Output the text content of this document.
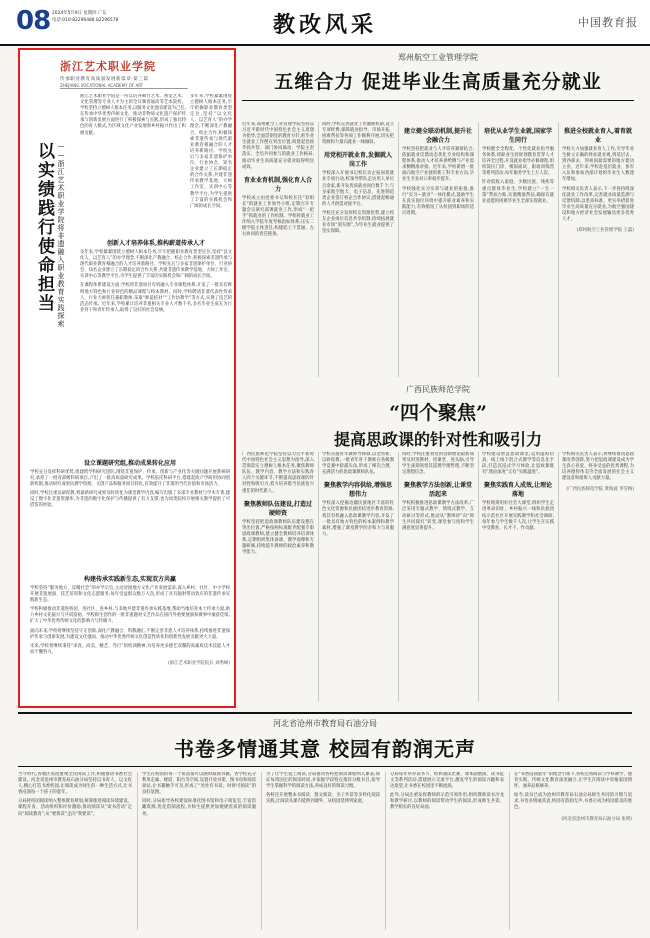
08 2024年5月9日 星期四 广东
电话:010-82296488 82296578	教改风采	中国教育报
浙江艺术职业学院
传承职业教育高质量发展新篇章·第三篇
ZHEJIANG VOCATIONAL ACADEMY OF ART
以实绩践行使命担当 ——浙江艺术职业学院将非遗融入职业教育实践探索
浙江艺术职业学院是一所以培养舞台艺术、视觉艺术、文化管理等专业人才为主的全日制普通高等艺术院校。学校坚持立德树人根本任务,以服务文化强省建设为己任,在传承中华优秀传统文化、推动非物质文化遗产保护传承与创新发展方面进行了积极探索与实践,形成了独具特色的育人模式,为区域文化产业发展和乡村振兴作出了积极贡献。
多年来,学校紧紧围绕立德树人根本任务,牢牢把握职业教育类型定位,坚持“以文化人、以艺育人”的办学理念,不断深化产教融合、校企合作,积极探索非遗传承与现代职业教育相融合的人才培养新路径。学校先后与多家非遗保护单位、行业协会、知名企业建立了长期稳定的合作关系,共建非遗传承教学基地、大师工作室、实训中心等教学平台,为学生提供了丰富的实践机会和广阔的成长空间。
创新人才培养体系,推构薪道传承人才
多年来,学校紧紧围绕立德树人根本任务,牢牢把握职业教育类型定位,坚持“以文化人、以艺育人”的办学理念,不断深化产教融合、校企合作,积极探索非遗传承与现代职业教育相融合的人才培养新路径。学校先后与多家非遗保护单位、行业协会、知名企业建立了长期稳定的合作关系,共建非遗传承教学基地、大师工作室、实训中心等教学平台,为学生提供了丰富的实践机会和广阔的成长空间。
在课程体系建设方面,学校将非遗项目有机融入专业课程体系,开发了一批具有鲜明地方特色和行业特色的精品课程与校本教材。同时,学校聘请非遗代表性传承人、行业大师担任兼职教师,采取“师徒结对”“工作坊教学”等方式,实现了技艺的活态传承。近年来,学校累计培养非遗相关专业人才数千名,多名毕业生成长为行业骨干和青年传承人,取得了良好的社会反响。
设立课题研究组,推动成果转化应用
学校充分发挥科研优势,组建跨学科研究团队,围绕非遗保护、传承、创新与产业化等关键问题开展系统研究,承担了一批省部级科研项目,产出了一批高质量研究成果。学校依托科研平台,搭建起政产学研用协同创新机制,推动研究成果向教学资源、文创产品和服务项目转化,有效提升了非遗的当代价值和市场活力。
同时,学校注重以研促教,将最新研究成果及时转化为课堂教学内容,编写出版了多部专业教材与学术专著,建设了数字化非遗资源库,为非遗的数字化保护与传播提供了有力支撑,也为同类院校开展相关教学提供了可借鉴的经验。
构建传承实践新生态,实现双方共赢
学校坚持“服务地方、反哺社会”的办学宗旨,主动对接地方文化产业发展需求,深入乡村、社区、中小学校开展非遗展演、技艺培训和文化志愿服务,每年受益群众数万人次,形成了具有辐射带动效应的非遗传承实践新生态。
学校积极推动非遗进校园、进社区、进乡村,与多地共建非遗传承实践基地,帮助当地培育本土传承力量,助力乡村文化振兴与共同富裕。学校师生创作的一批非遗题材文艺作品在国内外重要展演和赛事中屡获佳绩,扩大了中华优秀传统文化的影响力与传播力。
面向未来,学校将继续坚持守正创新,深化产教融合、科教融汇,不断完善非遗人才培养体系,持续推进非遗保护传承与创新发展,为建设文化强国、推动中华优秀传统文化创造性转化和创新性发展贡献更大力量。
未来,学校将继续秉持“求真、尚美、精艺、笃行”的校训精神,为培养更多德艺双馨的高素质技术技能人才而不懈努力。
(浙江艺术职业学院院长 刘秀峰)
郑州航空工业管理学院
五维合力 促进毕业生高质量充分就业
近年来,郑州航空工业管理学院坚持以习近平新时代中国特色社会主义思想为指导,全面贯彻党的教育方针,把毕业生就业工作摆在突出位置,构建起党政齐抓共管、部门协同联动、学院主责落实、全员共同参与的就业工作格局,推动毕业生高质量充分就业取得明显成效。
育业业育机制,强化育人合力
学校成立由党委书记和校长任“双组长”的就业工作领导小组,定期召开专题会议研究部署就业工作,形成“一把手”抓就业的工作机制。学校将就业工作纳入学院年度考核指标体系,压实二级学院主体责任,构建起上下贯通、左右协同的责任链条。
同时,学校完善就业工作激励机制,设立专项经费,保障就业指导、市场开拓、困难帮扶等各项工作顺利开展,切实把资源和力量向就业一线倾斜。
用党相开就业育,发掘就人岗工作
学校深入开展书记校长访企拓岗促就业专项行动,校领导带队走访用人单位百余家,新开发优质就业岗位数千个,与多家航空航天、电子信息、先进制造类企业签订校企合作协议,搭建起畅通的人才供需对接平台。
学校还充分发挥校友资源优势,建立校友企业岗位信息共享机制,持续拓展就业市场“朋友圈”,为毕业生就业提供了坚实保障。
建立健全联动机制,提升社会融合力
学校坚持把就业与人才培养紧密结合,依据就业反馈动态优化专业结构和课程体系,推动人才培养供给侧与产业需求侧精准对接。近年来,学校新增一批面向航空产业链的新工科专业方向,毕业生专业对口率稳步提升。
学校强化实习实训与就业的衔接,推行“实习—就业”一体化模式,鼓励学生在真实岗位环境中提升职业素养和实践能力,有效缩短了从校园到职场的适应周期。
培优从业学生业就,国家学生同行
学校健全全程化、个性化就业指导服务体系,将职业生涯规划教育贯穿人才培养全过程,开设就业指导必修课程,组织简历门诊、模拟面试、职场训练营等系列活动,每年服务学生上万人次。
针对低收入家庭、少数民族、残疾等重点群体毕业生,学校建立“一生一策”帮扶台账,实施精准帮扶,确保有就业意愿的困难毕业生全部实现就业。
推进全校就业育人,着育就业
学校大力加强就业育人工作,引导毕业生树立正确的择业就业观,到基层去、到西部去、到祖国最需要的地方建功立业。近年来,学校赴基层就业、参军入伍和参加西部计划的毕业生人数逐年增加。
学校相关负责人表示,下一步将持续深化就业工作改革,完善就业质量监测与反馈机制,以更高标准、更实举措促进毕业生高质量充分就业,为航空强国建设和地方经济社会发展输送更多优秀人才。
(郑州航空工业管理学院 王磊)
广西民族师范学院
“四个聚焦”
提高思政课的针对性和吸引力
广西民族师范学院坚持以习近平新时代中国特色社会主义思想为指导,深入贯彻落实立德树人根本任务,聚焦教师队伍、教学内容、教学方法和实践育人四个关键环节,不断提高思政课的针对性和吸引力,着力培养堪当民族复兴重任的时代新人。
聚焦教师队伍建设,打造过硬师资
学校坚持把思政课教师队伍建设摆在突出位置,严格按照标准配齐配强专职思政课教师,建立健全教师培养培训体系,定期组织集体备课、教学观摩和专题研修,持续提升教师的政治素养和教学能力。
学校实施青年教师导师制,以老带新、以研促教,一批青年骨干教师在各级教学竞赛中崭露头角,形成了梯次合理、充满活力的思政课教师队伍。
聚焦教学内容供给,增强思想伟力
学校深入挖掘边疆民族地区丰富的红色文化资源和民族团结进步教育资源,将其有机融入思政课教学内容,开发了一批具有地方特色的校本案例和教学素材,增强了课堂教学的亲和力与说服力。
同时,学校注重将党的创新理论最新成果及时进教材、进课堂、进头脑,引导学生深刻领悟其道理学理哲理,不断坚定理想信念。
聚焦教学方法创新,让课堂活起来
学校积极推进思政课教学方法改革,广泛采用专题式教学、情境式教学、互动研讨等形式,推动从“教师讲”向“师生共同探究”转变,课堂参与度和学生满意度显著提升。
学校建设智慧思政课堂,运用虚拟仿真、线上线下混合式教学等信息化手段,打造沉浸式学习体验,让思政课既有“理论深度”又有“实践温度”。
聚焦实践育人成效,让理论落地
学校统筹用好社会大课堂,组织学生走进革命旧址、乡村振兴一线和民族团结示范社区开展实践教学和社会调研,每年参与学生数千人次,让学生在实践中受教育、长才干、作贡献。
学校相关负责人表示,将继续推动思政课改革创新,努力把思政课建设成为学生真心喜爱、终身受益的优秀课程,为培养德智体美劳全面发展的社会主义建设者和接班人贡献力量。
(广西民族师范学院 黄海波 李雪梅)
河北省沧州市教育局石油分局
书卷多情通其意 校园有韵润无声
当今时代,各地区高度重视全民阅读工作,积极推动书香社会建设。河北省沧州市教育局石油分局坚持以书育人、以文化人,精心打造书香校园,让阅读成为师生的一种生活方式,让书香浸润每一个孩子的童年。
分局将校园阅读纳入整体教育规划,统筹推进阅读环境建设、课程开发、活动组织和评价激励,推动阅读从“读书活动”走向“阅读教育”,从“要我读”走向“我要读”。
学生在校园的每一个角落都可以随时取阅书籍。各学校充分利用走廊、楼道、阳台等空间,设置开放书架、图书角和阅读驿站,让书籍触手可及,形成了“处处有书读、时时可阅读”的良好氛围。
同时,分局指导各校建设标准化图书馆和电子阅览室,丰富馆藏资源,优化借阅流程,为师生提供更加便捷优质的阅读服务。
为了让学生爱上阅读,分局推动各校把阅读课程纳入课表,保证每周固定的阅读时间,并依据学段特点推荐分级书目,指导学生掌握科学的阅读方法,养成良好的阅读习惯。
各校还开展整本书阅读、群文阅读、亲子共读等多样化阅读实践,让阅读从课内延伸到课外、从校园延伸到家庭。
分局每年举办读书节、经典诵读比赛、课本剧展演、读书征文等系列活动,搭建展示交流平台,激发学生的阅读兴趣和表达欲望,让书香在校园里不断流淌。
此外,分局注重发挥教师的示范引领作用,组织教师读书沙龙和教学研讨,以教师的阅读带动学生的阅读,形成师生共读、教学相长的良好局面。
在“书香浸润童年”的理念引领下,各校还将阅读与学科教学、德育实践、传统文化教育深度融合,让学生在阅读中厚植家国情怀、涵养品格修养。
如今,读书已成为沧州市教育局石油分局师生共同的习惯与追求,书卷多情通其意,校园有韵润无声,书香正成为校园最美的底色。
(河北省沧州市教育局石油分局 张明)
